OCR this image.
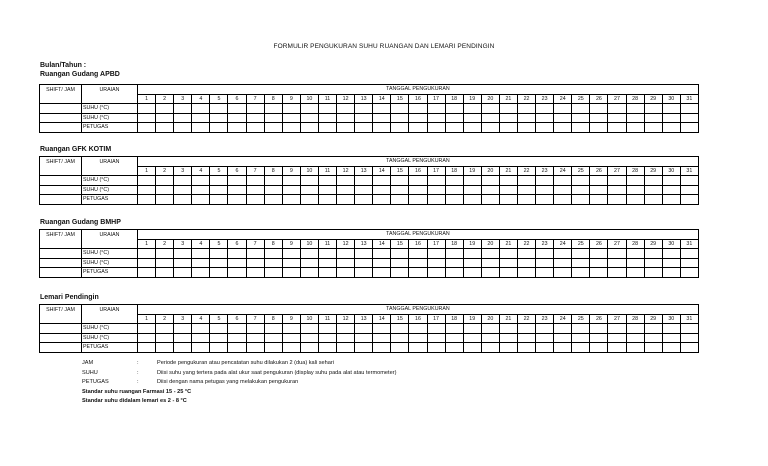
FORMULIR PENGUKURAN SUHU RUANGAN DAN LEMARI PENDINGIN
Bulan/Tahun :
Ruangan Gudang APBD
SHIFT/ JAM	URAIAN	TANGGAL PENGUKURAN																														
		1	2	3	4	5	6	7	8	9	10	11	12	13	14	15	16	17	18	19	20	21	22	23	24	25	26	27	28	29	30	31
	SUHU (°C)																															
	SUHU (°C)																															
	PETUGAS																															
Ruangan GFK KOTIM
SHIFT/ JAM	URAIAN	TANGGAL PENGUKURAN																														
		1	2	3	4	5	6	7	8	9	10	11	12	13	14	15	16	17	18	19	20	21	22	23	24	25	26	27	28	29	30	31
	SUHU (°C)																															
	SUHU (°C)																															
	PETUGAS																															
Ruangan Gudang BMHP
SHIFT/ JAM	URAIAN	TANGGAL PENGUKURAN																														
		1	2	3	4	5	6	7	8	9	10	11	12	13	14	15	16	17	18	19	20	21	22	23	24	25	26	27	28	29	30	31
	SUHU (°C)																															
	SUHU (°C)																															
	PETUGAS																															
Lemari Pendingin
SHIFT/ JAM	URAIAN	TANGGAL PENGUKURAN																														
		1	2	3	4	5	6	7	8	9	10	11	12	13	14	15	16	17	18	19	20	21	22	23	24	25	26	27	28	29	30	31
	SUHU (°C)																															
	SUHU (°C)																															
	PETUGAS																															
JAM	:	Periode pengukuran atau pencatatan suhu dilakukan 2 (dua) kali sehari
SUHU	:	Diisi suhu yang tertera pada alat ukur saat pengukuran (display suhu pada alat atau termometer)
PETUGAS	:	Diisi dengan nama petugas yang melakukan pengukuran
Standar suhu ruangan Farmasi 15 - 25 °C
Standar suhu didalam lemari es 2 - 8 °C
